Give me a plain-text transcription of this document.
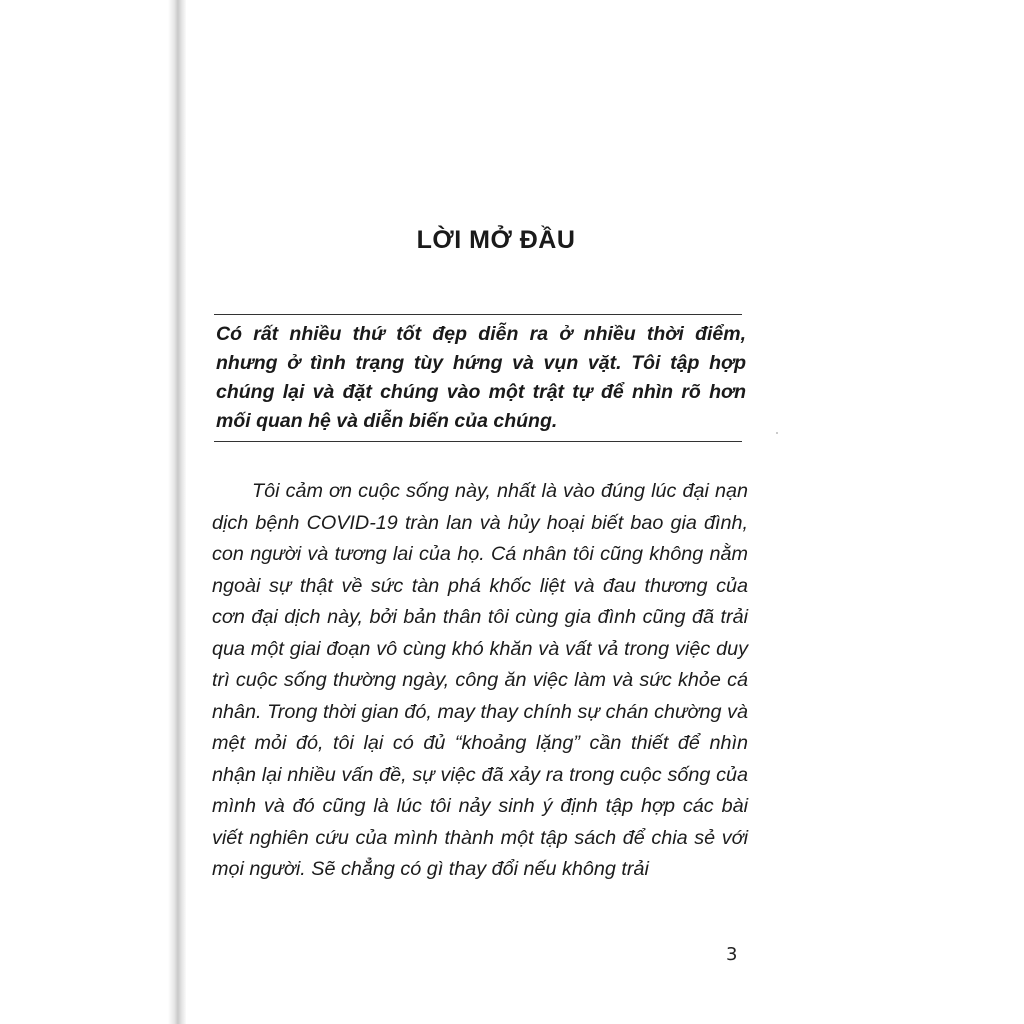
LỜI MỞ ĐẦU

Có rất nhiều thứ tốt đẹp diễn ra ở nhiều thời điểm, nhưng ở tình trạng tùy hứng và vụn vặt. Tôi tập hợp chúng lại và đặt chúng vào một trật tự để nhìn rõ hơn mối quan hệ và diễn biến của chúng.

Tôi cảm ơn cuộc sống này, nhất là vào đúng lúc đại nạn dịch bệnh COVID-19 tràn lan và hủy hoại biết bao gia đình, con người và tương lai của họ. Cá nhân tôi cũng không nằm ngoài sự thật về sức tàn phá khốc liệt và đau thương của cơn đại dịch này, bởi bản thân tôi cùng gia đình cũng đã trải qua một giai đoạn vô cùng khó khăn và vất vả trong việc duy trì cuộc sống thường ngày, công ăn việc làm và sức khỏe cá nhân. Trong thời gian đó, may thay chính sự chán chường và mệt mỏi đó, tôi lại có đủ “khoảng lặng” cần thiết để nhìn nhận lại nhiều vấn đề, sự việc đã xảy ra trong cuộc sống của mình và đó cũng là lúc tôi nảy sinh ý định tập hợp các bài viết nghiên cứu của mình thành một tập sách để chia sẻ với mọi người. Sẽ chẳng có gì thay đổi nếu không trải

3
